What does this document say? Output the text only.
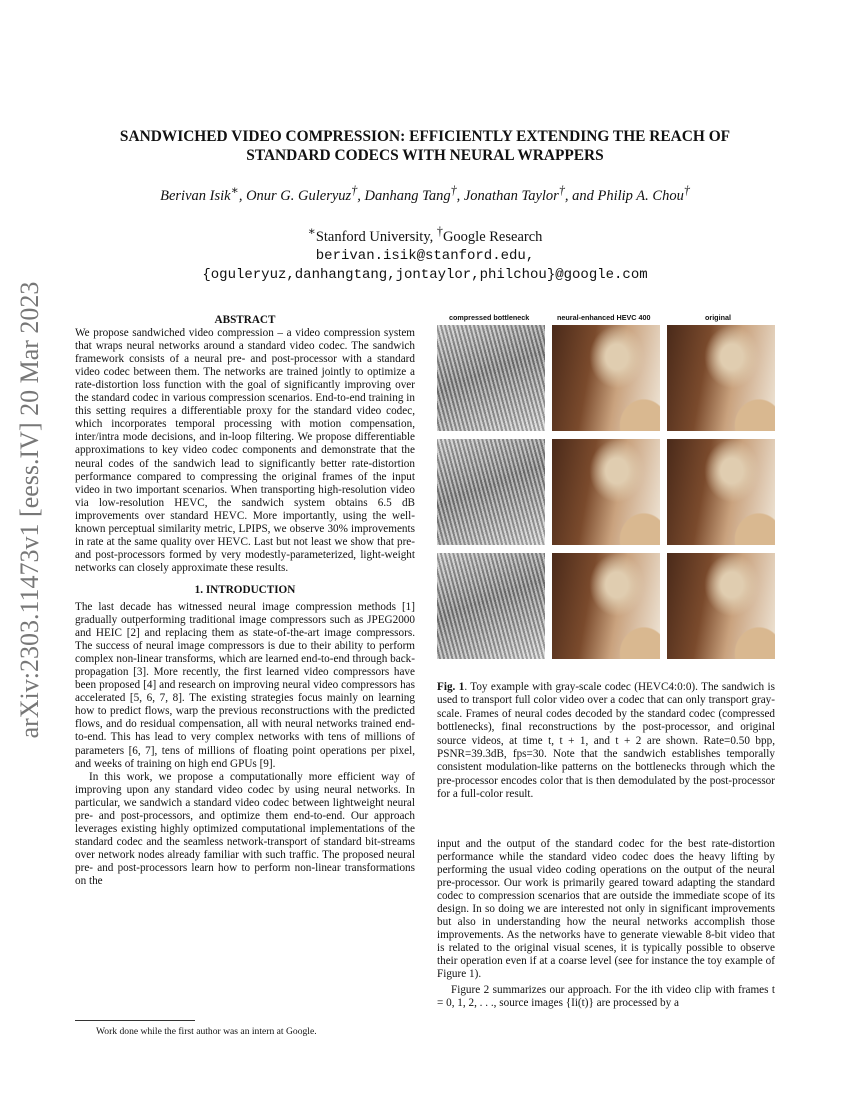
arXiv:2303.11473v1 [eess.IV] 20 Mar 2023
SANDWICHED VIDEO COMPRESSION: EFFICIENTLY EXTENDING THE REACH OF
STANDARD CODECS WITH NEURAL WRAPPERS
Berivan Isik∗, Onur G. Guleryuz†, Danhang Tang†, Jonathan Taylor†, and Philip A. Chou†
∗Stanford University, †Google Research
berivan.isik@stanford.edu,
{oguleryuz,danhangtang,jontaylor,philchou}@google.com

ABSTRACT

We propose sandwiched video compression – a video compression system that wraps neural networks around a standard video codec. The sandwich framework consists of a neural pre- and post-processor with a standard video codec between them. The networks are trained jointly to optimize a rate-distortion loss function with the goal of significantly improving over the standard codec in various compression scenarios. End-to-end training in this setting requires a differentiable proxy for the standard video codec, which incorporates temporal processing with motion compensation, inter/intra mode decisions, and in-loop filtering. We propose differentiable approximations to key video codec components and demonstrate that the neural codes of the sandwich lead to significantly better rate-distortion performance compared to compressing the original frames of the input video in two important scenarios. When transporting high-resolution video via low-resolution HEVC, the sandwich system obtains 6.5 dB improvements over standard HEVC. More importantly, using the well-known perceptual similarity metric, LPIPS, we observe 30% improvements in rate at the same quality over HEVC. Last but not least we show that pre- and post-processors formed by very modestly-parameterized, light-weight networks can closely approximate these results.

1. INTRODUCTION

The last decade has witnessed neural image compression methods [1] gradually outperforming traditional image compressors such as JPEG2000 and HEIC [2] and replacing them as state-of-the-art image compressors. The success of neural image compressors is due to their ability to perform complex non-linear transforms, which are learned end-to-end through back-propagation [3]. More recently, the first learned video compressors have been proposed [4] and research on improving neural video compressors has accelerated [5, 6, 7, 8]. The existing strategies focus mainly on learning how to predict flows, warp the previous reconstructions with the predicted flows, and do residual compensation, all with neural networks trained end-to-end. This has lead to very complex networks with tens of millions of parameters [6, 7], tens of millions of floating point operations per pixel, and weeks of training on high end GPUs [9].

In this work, we propose a computationally more efficient way of improving upon any standard video codec by using neural networks. In particular, we sandwich a standard video codec between lightweight neural pre- and post-processors, and optimize them end-to-end. Our approach leverages existing highly optimized computational implementations of the standard codec and the seamless network-transport of standard bit-streams over network nodes already familiar with such traffic. The proposed neural pre- and post-processors learn how to perform non-linear transformations on the

compressed bottleneck	neural-enhanced HEVC 400	original
Fig. 1. Toy example with gray-scale codec (HEVC4:0:0). The sandwich is used to transport full color video over a codec that can only transport gray-scale. Frames of neural codes decoded by the standard codec (compressed bottlenecks), final reconstructions by the post-processor, and original source videos, at time t, t + 1, and t + 2 are shown. Rate=0.50 bpp, PSNR=39.3dB, fps=30. Note that the sandwich establishes temporally consistent modulation-like patterns on the bottlenecks through which the pre-processor encodes color that is then demodulated by the post-processor for a full-color result.

input and the output of the standard codec for the best rate-distortion performance while the standard video codec does the heavy lifting by performing the usual video coding operations on the output of the neural pre-processor. Our work is primarily geared toward adapting the standard codec to compression scenarios that are outside the immediate scope of its design. In so doing we are interested not only in significant improvements but also in understanding how the neural networks accomplish those improvements. As the networks have to generate viewable 8-bit video that is related to the original visual scenes, it is typically possible to observe their operation even if at a coarse level (see for instance the toy example of Figure 1).

Figure 2 summarizes our approach. For the ith video clip with frames t = 0, 1, 2, . . ., source images {Ii(t)} are processed by a

Work done while the first author was an intern at Google.
